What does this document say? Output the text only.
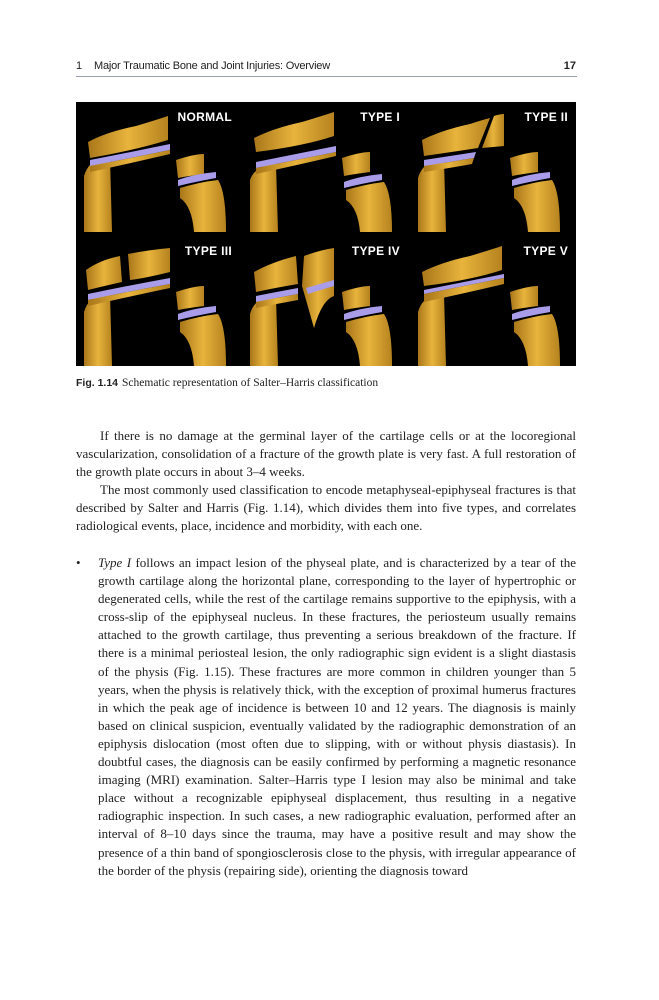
1 Major Traumatic Bone and Joint Injuries: Overview	17
NORMAL	TYPE I	TYPE II
TYPE III	TYPE IV	TYPE V
Fig. 1.14 Schematic representation of Salter–Harris classification

If there is no damage at the germinal layer of the cartilage cells or at the locoregional vascularization, consolidation of a fracture of the growth plate is very fast. A full restoration of the growth plate occurs in about 3–4 weeks.

The most commonly used classification to encode metaphyseal-epiphyseal fractures is that described by Salter and Harris (Fig. 1.14), which divides them into five types, and correlates radiological events, place, incidence and morbidity, with each one.

• Type I follows an impact lesion of the physeal plate, and is characterized by a tear of the growth cartilage along the horizontal plane, corresponding to the layer of hypertrophic or degenerated cells, while the rest of the cartilage remains supportive to the epiphysis, with a cross-slip of the epiphyseal nucleus. In these fractures, the periosteum usually remains attached to the growth cartilage, thus preventing a serious breakdown of the fracture. If there is a minimal periosteal lesion, the only radiographic sign evident is a slight diastasis of the physis (Fig. 1.15). These fractures are more common in children younger than 5 years, when the physis is relatively thick, with the exception of proximal humerus fractures in which the peak age of incidence is between 10 and 12 years. The diagnosis is mainly based on clinical suspicion, eventually validated by the radiographic demonstration of an epiphysis dislocation (most often due to slipping, with or without physis diastasis). In doubtful cases, the diagnosis can be easily confirmed by performing a magnetic resonance imaging (MRI) examination. Salter–Harris type I lesion may also be minimal and take place without a recognizable epiphyseal displacement, thus resulting in a negative radiographic inspection. In such cases, a new radiographic evaluation, performed after an interval of 8–10 days since the trauma, may have a positive result and may show the presence of a thin band of spongiosclerosis close to the physis, with irregular appearance of the border of the physis (repairing side), orienting the diagnosis toward
